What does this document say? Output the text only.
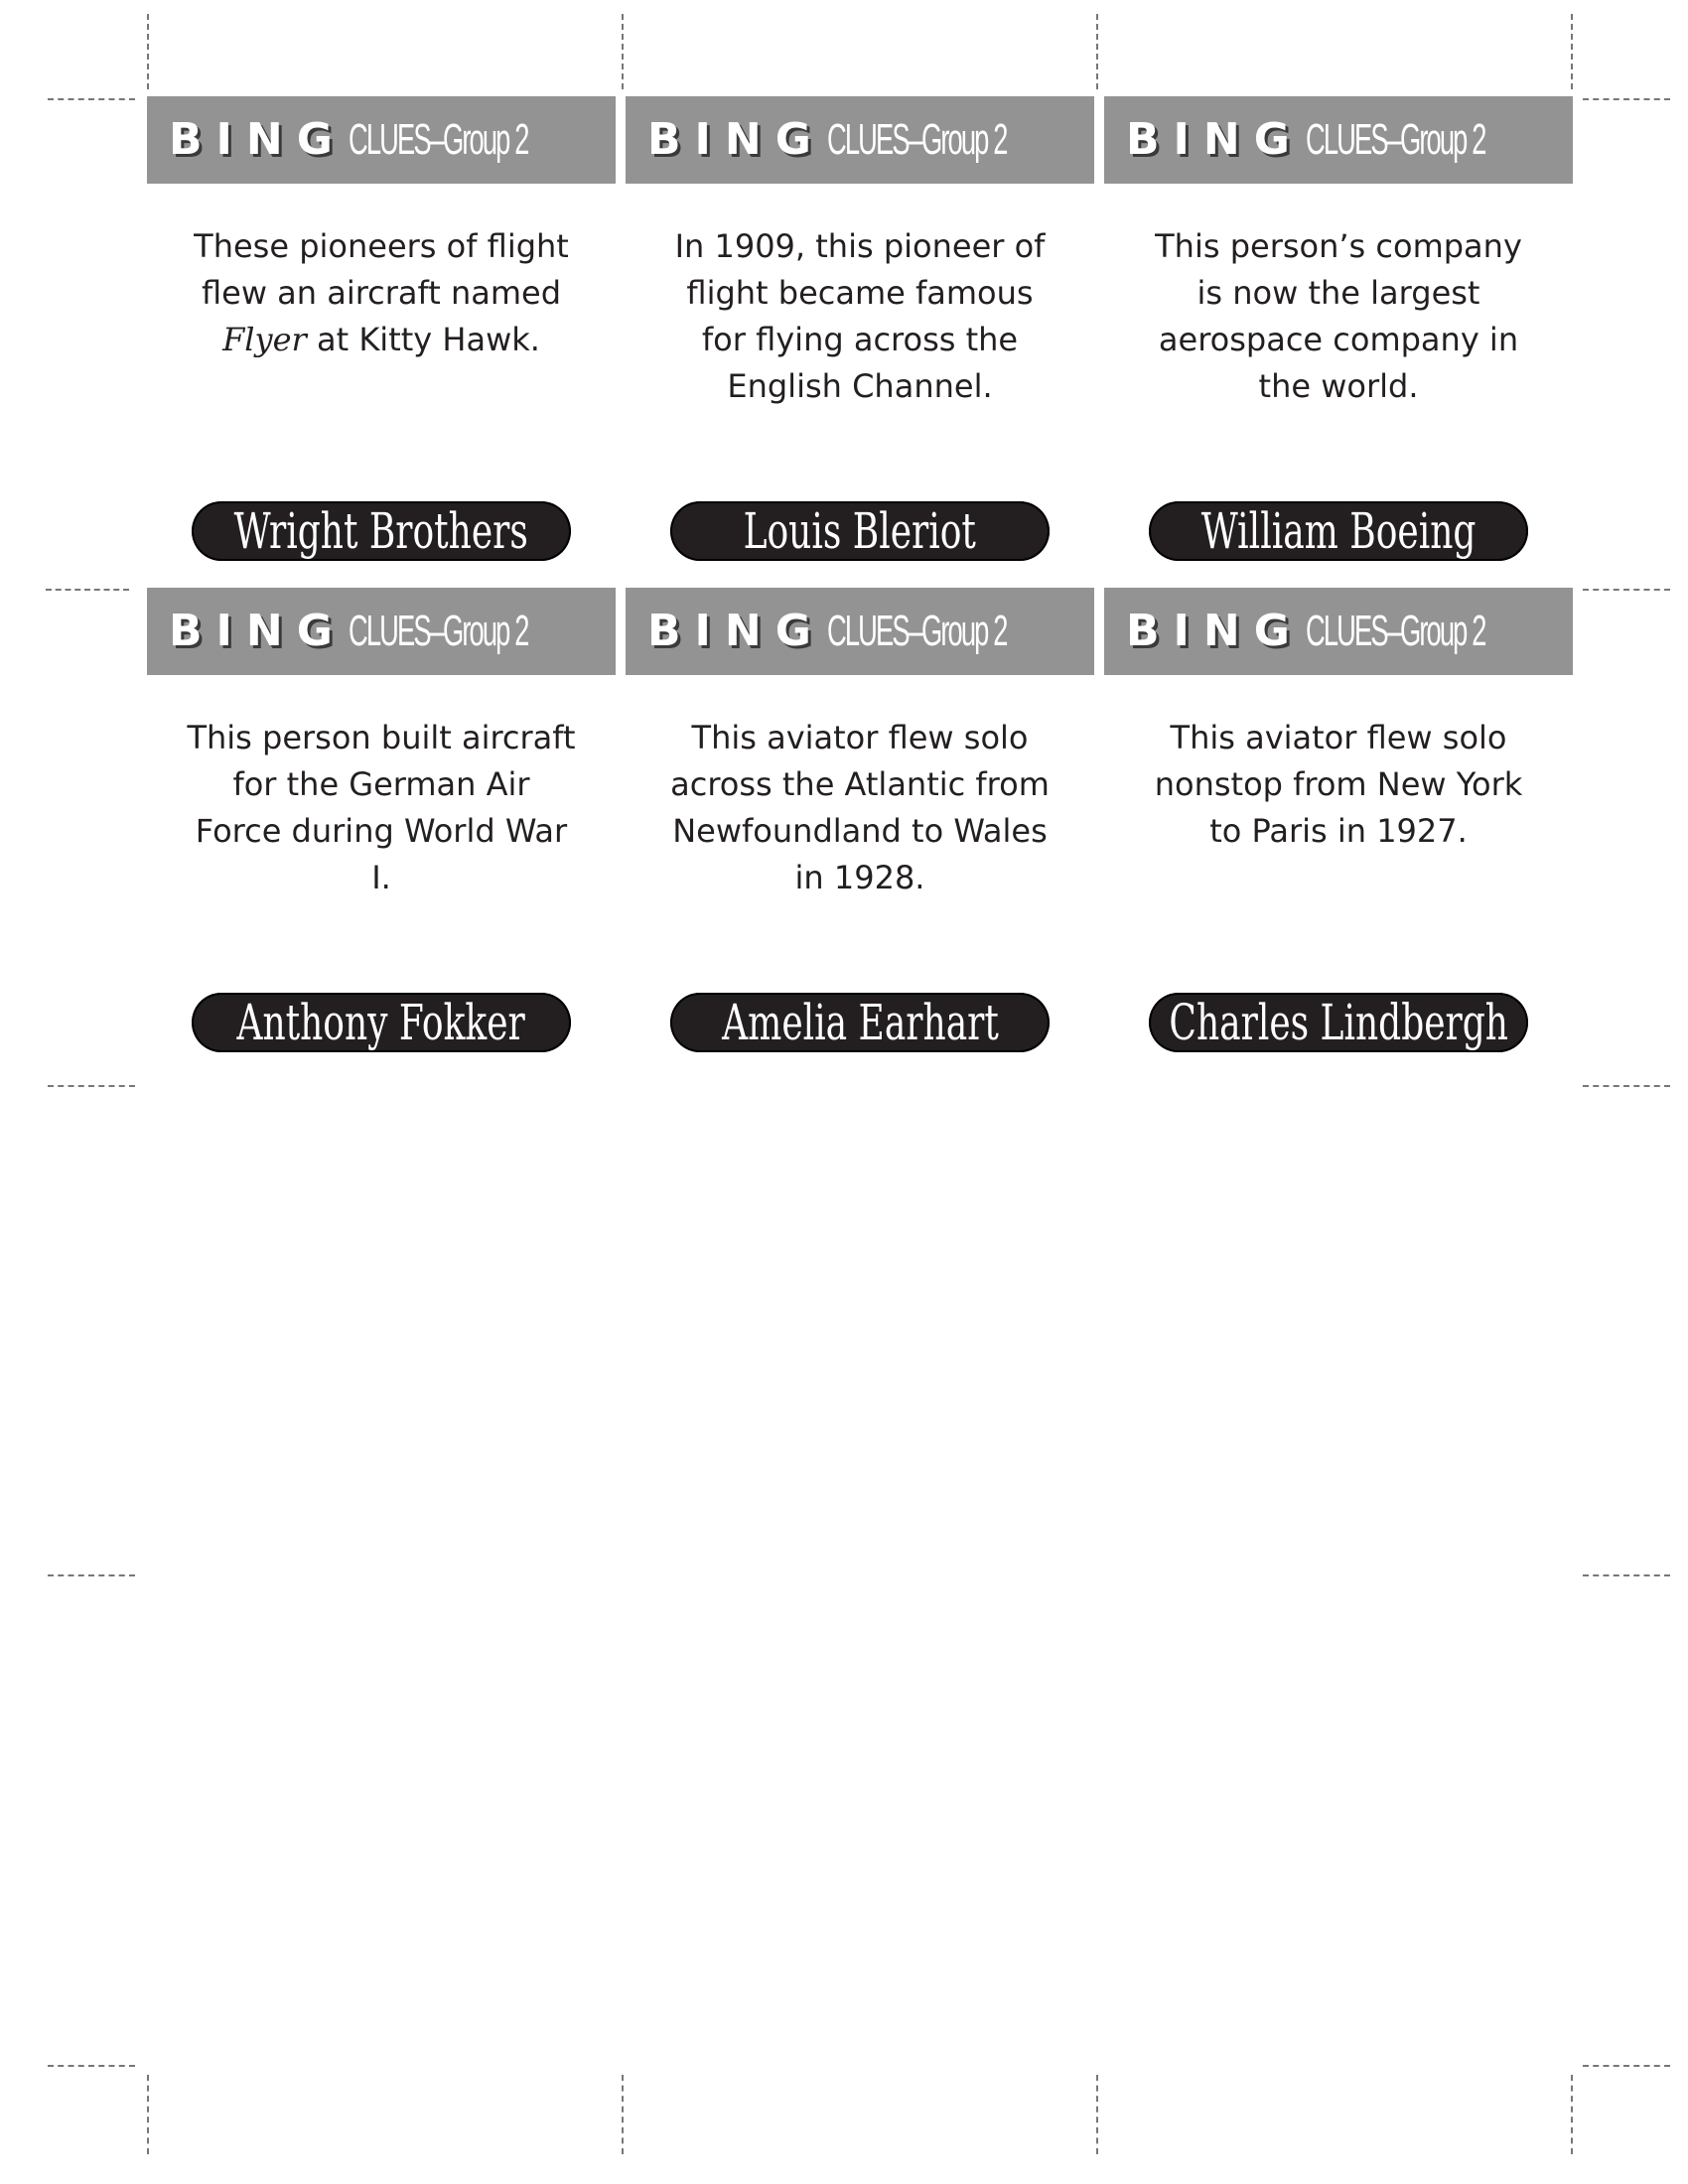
B I N G CLUES–Group 2
These pioneers of flight flew an aircraft named Flyer at Kitty Hawk.
Wright Brothers
B I N G CLUES–Group 2
In 1909, this pioneer of flight became famous for flying across the English Channel.
Louis Bleriot
B I N G CLUES–Group 2
This person’s company is now the largest aerospace company in the world.
William Boeing
B I N G CLUES–Group 2
This person built aircraft for the German Air Force during World War I.
Anthony Fokker
B I N G CLUES–Group 2
This aviator flew solo across the Atlantic from Newfoundland to Wales in 1928.
Amelia Earhart
B I N G CLUES–Group 2
This aviator flew solo nonstop from New York to Paris in 1927.
Charles Lindbergh
